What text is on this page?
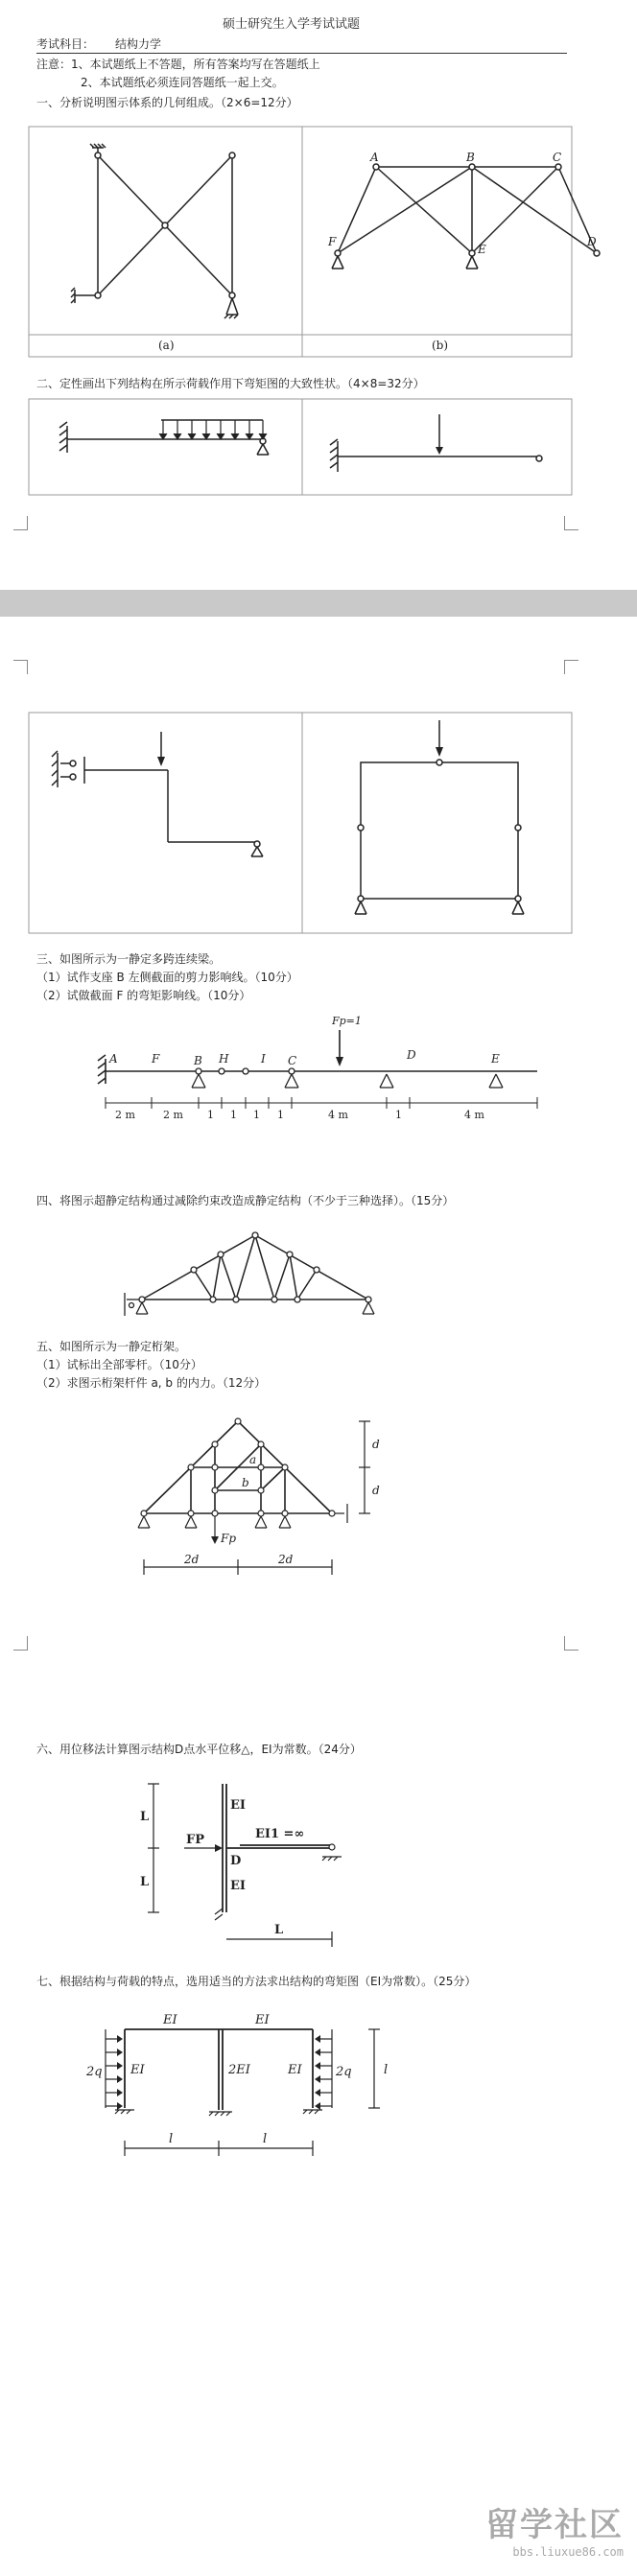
硕士研究生入学考试试题
考试科目： 结构力学
注意：1、本试题纸上不答题，所有答案均写在答题纸上
2、本试题纸必须连同答题纸一起上交。
一、分析说明图示体系的几何组成。（2×6=12分）
(a)
A	B	C
D
E
F
(b)
二、定性画出下列结构在所示荷载作用下弯矩图的大致性状。（4×8=32分）
三、如图所示为一静定多跨连续梁。
（1）试作支座 B 左侧截面的剪力影响线。（10分）
（2）试做截面 F 的弯矩影响线。（10分）
Fp=1
A	F	B H	I C	D	E
2 m	2 m 1 1 1 1	4 m	1	4 m
四、将图示超静定结构通过减除约束改造成静定结构（不少于三种选择）。（15分）
五、如图所示为一静定桁架。
（1）试标出全部零杆。（10分）
（2）求图示桁架杆件 a, b 的内力。（12分）
a
b
Fp
2d	2d
d
d
六、用位移法计算图示结构D点水平位移△，EI为常数。（24分）
L
L
FP
D
EI
EI
EI1 =∞
L
七、根据结构与荷载的特点，选用适当的方法求出结构的弯矩图（EI为常数）。（25分）
EI	EI
EI	2EI	EI
2q	2q	l
l	l
留学社区
bbs.liuxue86.com
